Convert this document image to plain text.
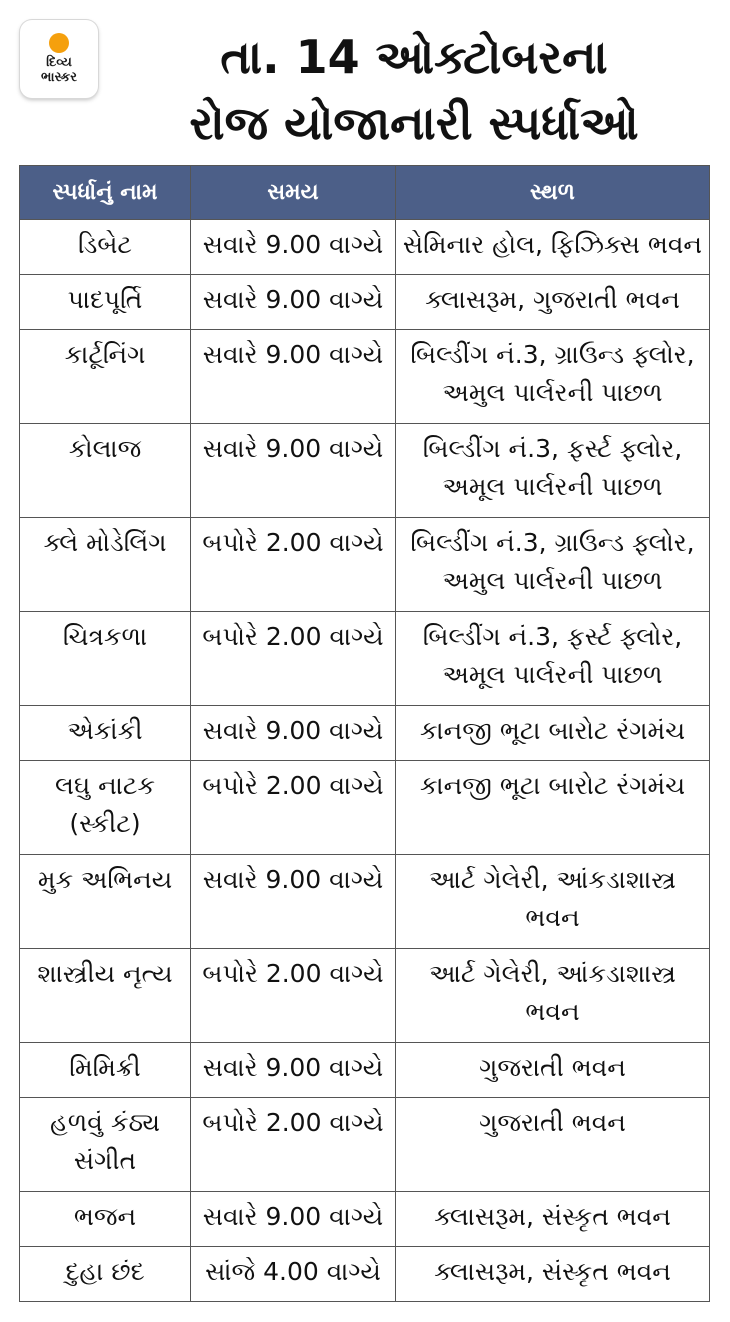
દિવ્ય
ભાસ્કર	તા. 14 ઓક્ટોબરના
રોજ યોજાનારી સ્પર્ધાઓ
સ્પર્ધાનું નામ	સમય	સ્થળ
ડિબેટ	સવારે 9.00 વાગ્યે	સેમિનાર હોલ, ફિઝિક્સ ભવન
પાદપૂર્તિ	સવારે 9.00 વાગ્યે	ક્લાસરૂમ, ગુજરાતી ભવન
કાર્ટૂનિંગ	સવારે 9.00 વાગ્યે	બિલ્ડીંગ નં.3, ગ્રાઉન્ડ ફ્લોર, અમુલ પાર્લરની પાછળ
કોલાજ	સવારે 9.00 વાગ્યે	બિલ્ડીંગ નં.3, ફર્સ્ટ ફ્લોર, અમૂલ પાર્લરની પાછળ
ક્લે મોડેલિંગ	બપોરે 2.00 વાગ્યે	બિલ્ડીંગ નં.3, ગ્રાઉન્ડ ફ્લોર, અમુલ પાર્લરની પાછળ
ચિત્રકળા	બપોરે 2.00 વાગ્યે	બિલ્ડીંગ નં.3, ફર્સ્ટ ફ્લોર, અમૂલ પાર્લરની પાછળ
એકાંકી	સવારે 9.00 વાગ્યે	કાનજી ભૂટા બારોટ રંગમંચ
લઘુ નાટક (સ્કીટ)	બપોરે 2.00 વાગ્યે	કાનજી ભૂટા બારોટ રંગમંચ
મુક અભિનય	સવારે 9.00 વાગ્યે	આર્ટ ગેલેરી, આંકડાશાસ્ત્ર ભવન
શાસ્ત્રીય નૃત્ય	બપોરે 2.00 વાગ્યે	આર્ટ ગેલેરી, આંકડાશાસ્ત્ર ભવન
મિમિક્રી	સવારે 9.00 વાગ્યે	ગુજરાતી ભવન
હળવું કંઠ્ય સંગીત	બપોરે 2.00 વાગ્યે	ગુજરાતી ભવન
ભજન	સવારે 9.00 વાગ્યે	ક્લાસરૂમ, સંસ્કૃત ભવન
દુહા છંદ	સાંજે 4.00 વાગ્યે	ક્લાસરૂમ, સંસ્કૃત ભવન
